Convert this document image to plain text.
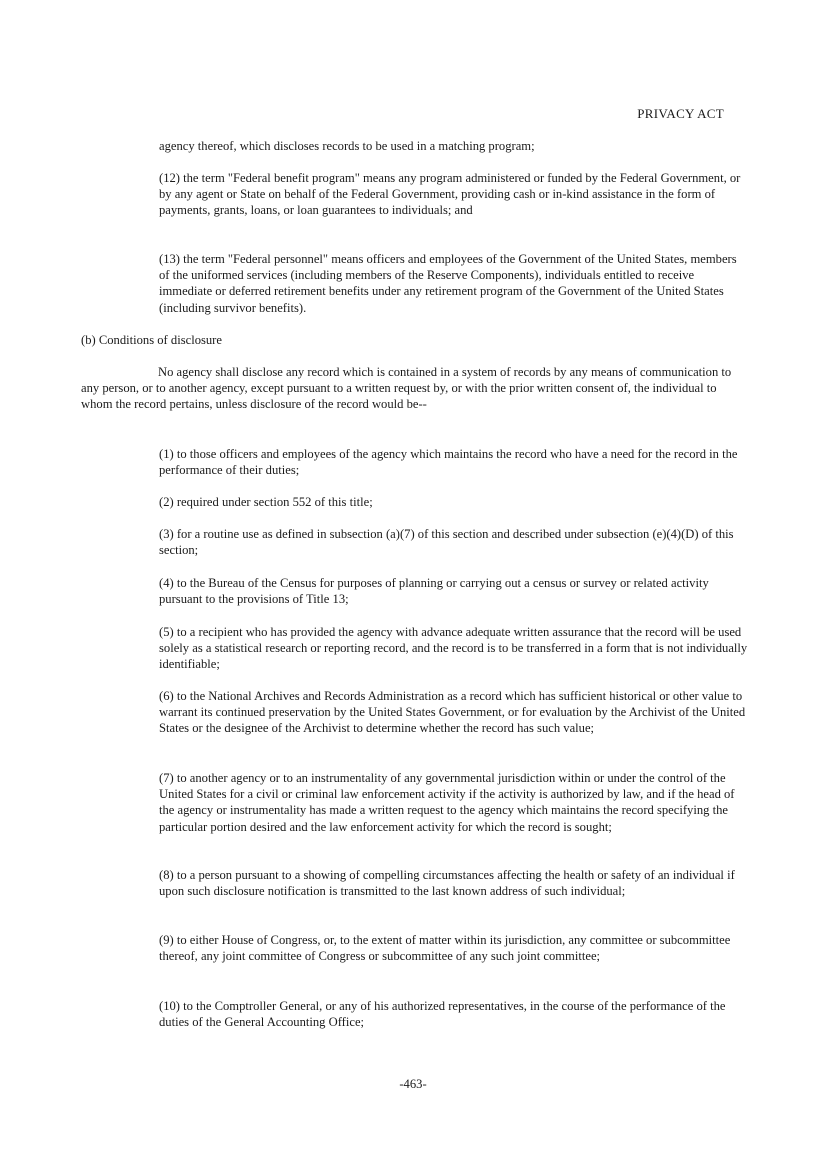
PRIVACY ACT

agency thereof, which discloses records to be used in a matching program;

(12) the term "Federal benefit program" means any program administered or funded by the Federal Government, or by any agent or State on behalf of the Federal Government, providing cash or in-kind assistance in the form of payments, grants, loans, or loan guarantees to individuals; and

(13) the term "Federal personnel" means officers and employees of the Government of the United States, members of the uniformed services (including members of the Reserve Components), individuals entitled to receive immediate or deferred retirement benefits under any retirement program of the Government of the United States (including survivor benefits).

(b) Conditions of disclosure

No agency shall disclose any record which is contained in a system of records by any means of communication to any person, or to another agency, except pursuant to a written request by, or with the prior written consent of, the individual to whom the record pertains, unless disclosure of the record would be--

(1) to those officers and employees of the agency which maintains the record who have a need for the record in the performance of their duties;

(2) required under section 552 of this title;

(3) for a routine use as defined in subsection (a)(7) of this section and described under subsection (e)(4)(D) of this section;

(4) to the Bureau of the Census for purposes of planning or carrying out a census or survey or related activity pursuant to the provisions of Title 13;

(5) to a recipient who has provided the agency with advance adequate written assurance that the record will be used solely as a statistical research or reporting record, and the record is to be transferred in a form that is not individually identifiable;

(6) to the National Archives and Records Administration as a record which has sufficient historical or other value to warrant its continued preservation by the United States Government, or for evaluation by the Archivist of the United States or the designee of the Archivist to determine whether the record has such value;

(7) to another agency or to an instrumentality of any governmental jurisdiction within or under the control of the United States for a civil or criminal law enforcement activity if the activity is authorized by law, and if the head of the agency or instrumentality has made a written request to the agency which maintains the record specifying the particular portion desired and the law enforcement activity for which the record is sought;

(8) to a person pursuant to a showing of compelling circumstances affecting the health or safety of an individual if upon such disclosure notification is transmitted to the last known address of such individual;

(9) to either House of Congress, or, to the extent of matter within its jurisdiction, any committee or subcommittee thereof, any joint committee of Congress or subcommittee of any such joint committee;

(10) to the Comptroller General, or any of his authorized representatives, in the course of the performance of the duties of the General Accounting Office;

-463-
